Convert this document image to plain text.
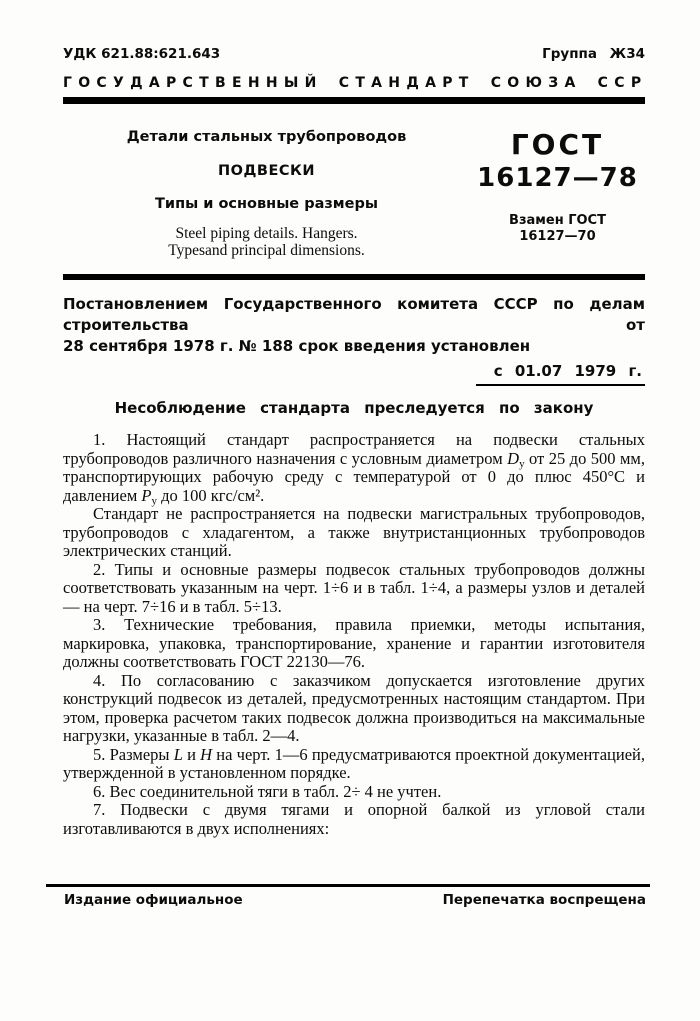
УДК 621.88:621.643	Группа Ж34
ГОСУДАРСТВЕННЫЙ СТАНДАРТ СОЮЗА ССР
Детали стальных трубопроводов
ПОДВЕСКИ
Типы и основные размеры
Steel piping details. Hangers.
Typesand principal dimensions.
ГОСТ
16127—78
Взамен ГОСТ
16127—70
Постановлением Государственного комитета СССР по делам строительства от
28 сентября 1978 г. № 188 срок введения установлен
с 01.07 1979 г.
Несоблюдение стандарта преследуется по закону

1. Настоящий стандарт распространяется на подвески стальных трубопроводов различного назначения с условным диаметром $D_у$ от 25 до 500 мм, транспортирующих рабочую среду с температурой от 0 до плюс 450°С и давлением $P_у$ до 100 кгс/см².

Стандарт не распространяется на подвески магистральных трубопроводов, трубопроводов с хладагентом, а также внутристанционных трубопроводов электрических станций.

2. Типы и основные размеры подвесок стальных трубопроводов должны соответствовать указанным на черт. 1÷6 и в табл. 1÷4, а размеры узлов и деталей — на черт. 7÷16 и в табл. 5÷13.

3. Технические требования, правила приемки, методы испытания, маркировка, упаковка, транспортирование, хранение и гарантии изготовителя должны соответствовать ГОСТ 22130—76.

4. По согласованию с заказчиком допускается изготовление других конструкций подвесок из деталей, предусмотренных настоящим стандартом. При этом, проверка расчетом таких подвесок должна производиться на максимальные нагрузки, указанные в табл. 2—4.

5. Размеры L и H на черт. 1—6 предусматриваются проектной документацией, утвержденной в установленном порядке.

6. Вес соединительной тяги в табл. 2÷ 4 не учтен.

7. Подвески с двумя тягами и опорной балкой из угловой стали изготавливаются в двух исполнениях:

Издание официальное	Перепечатка воспрещена
